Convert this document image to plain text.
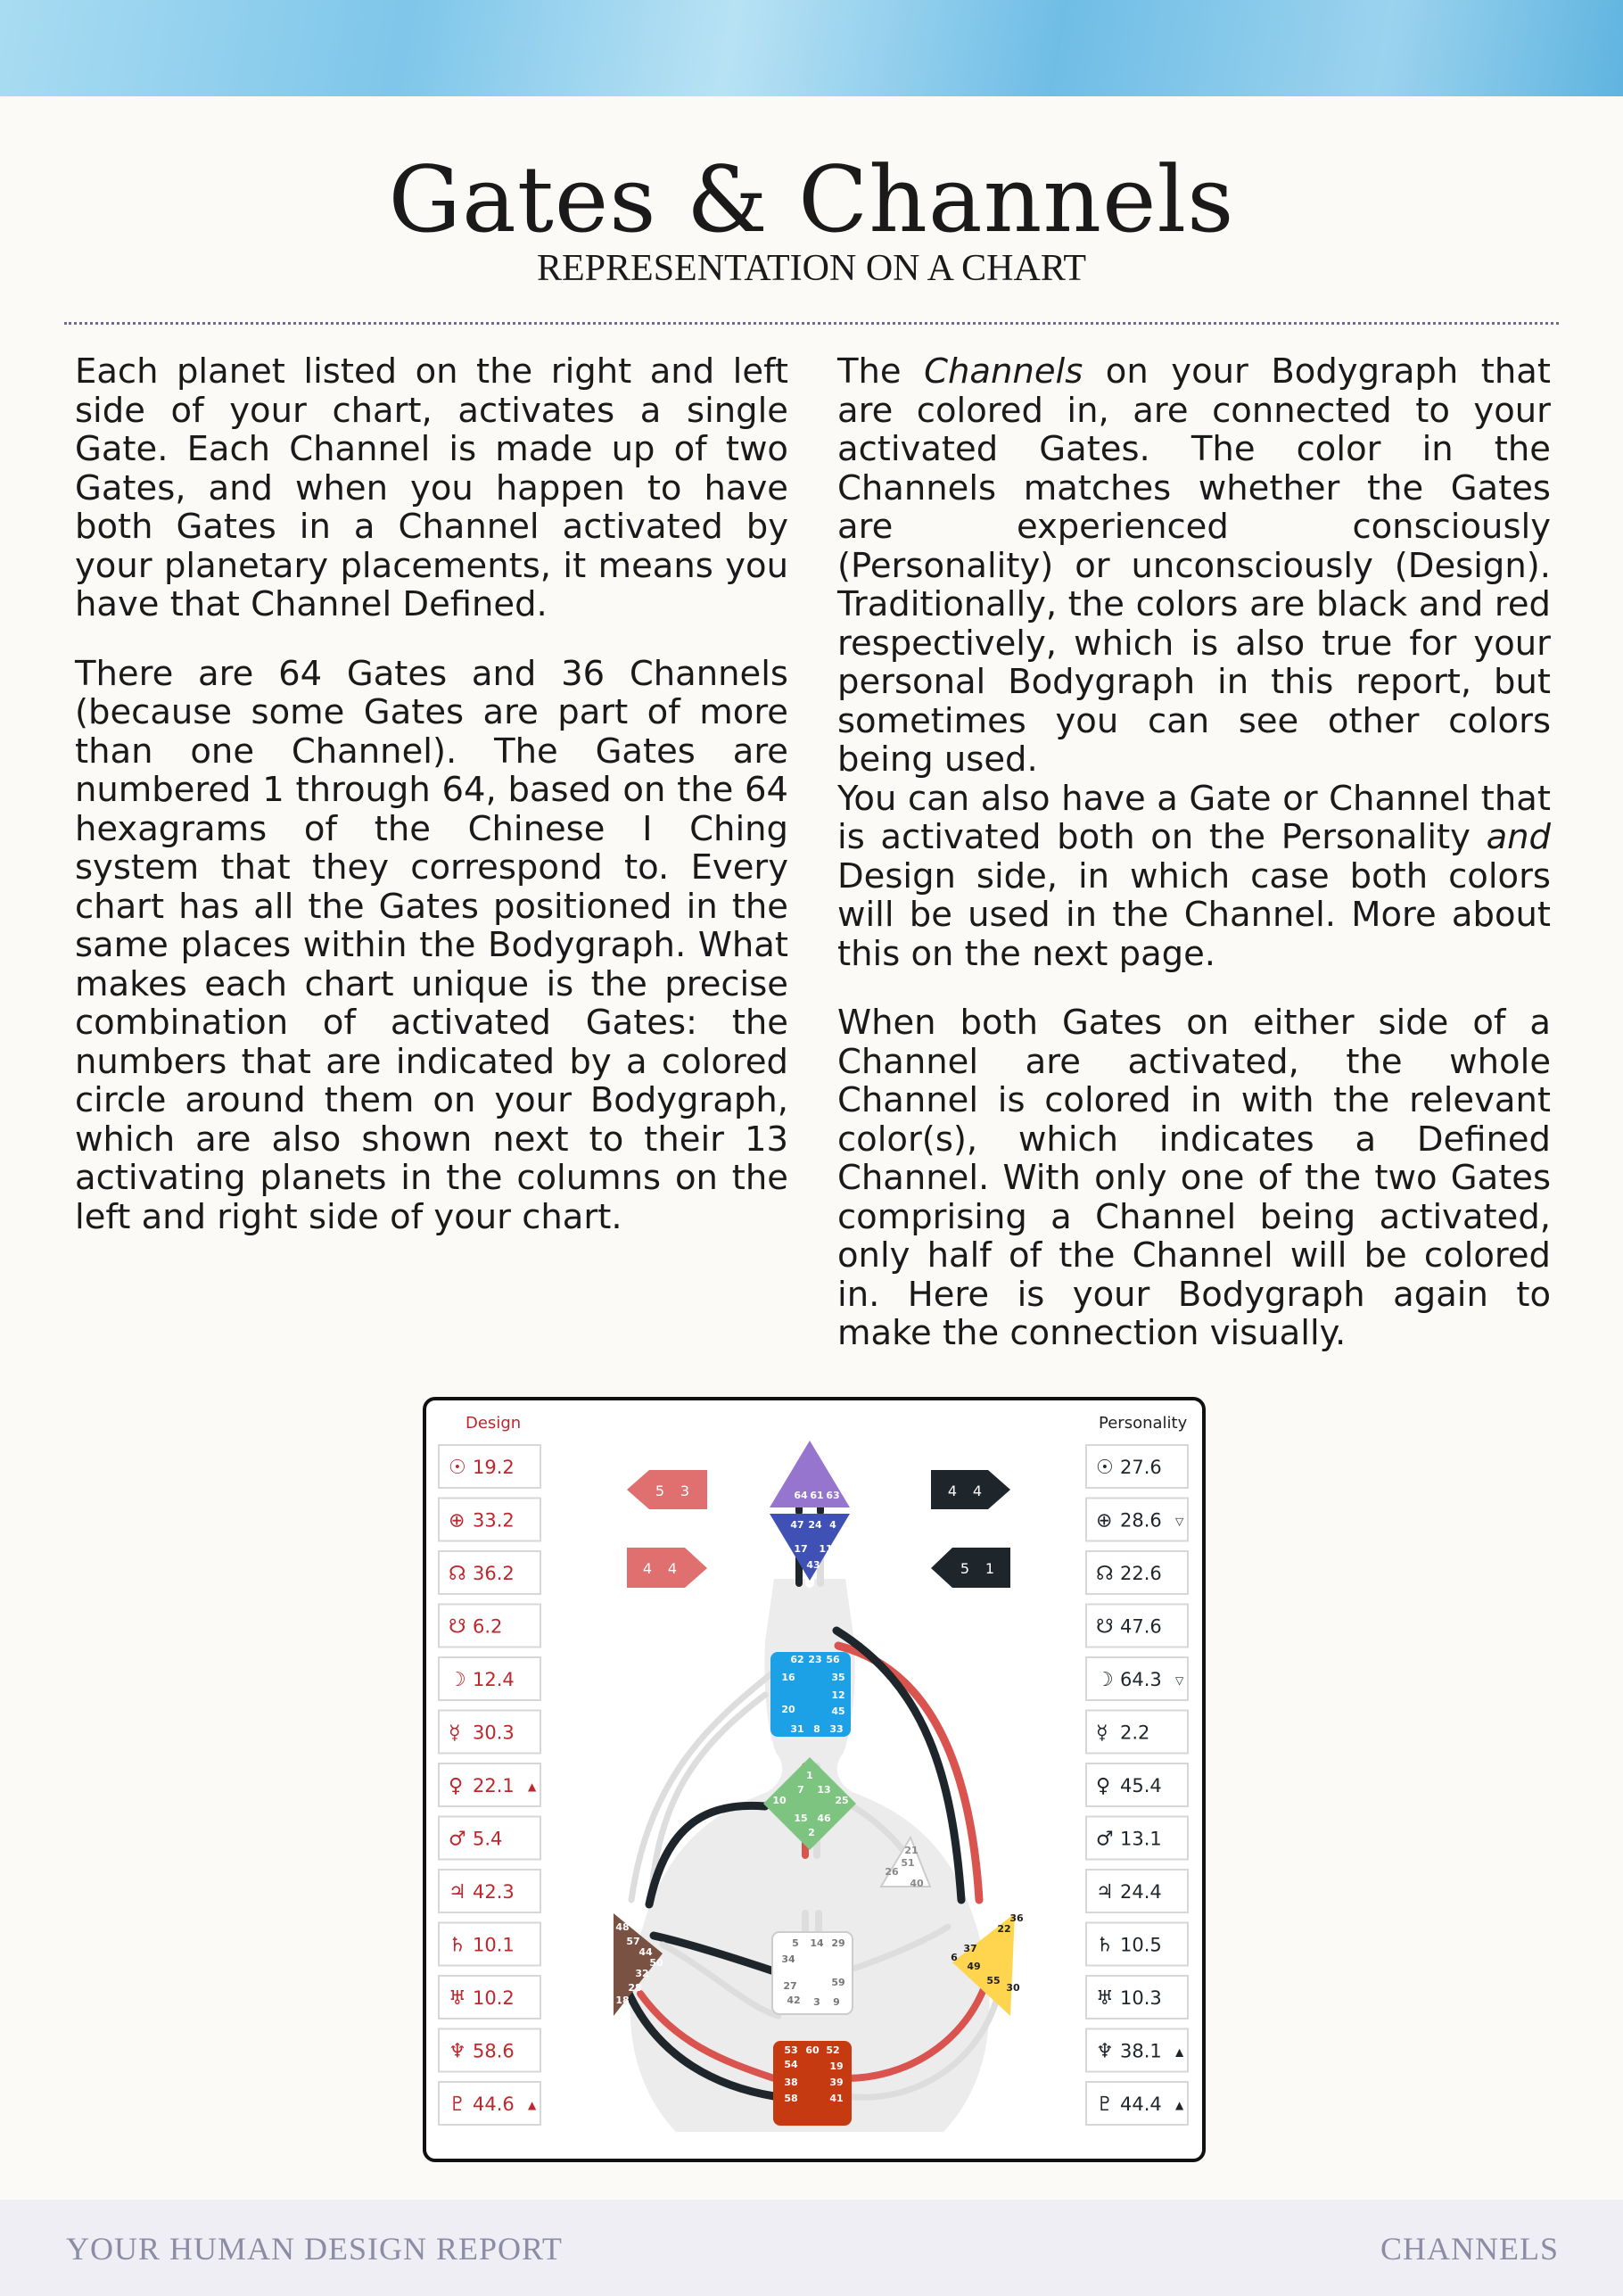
Gates & Channels
REPRESENTATION ON A CHART

Each planet listed on the right and left side of your chart, activates a single Gate. Each Channel is made up of two Gates, and when you happen to have both Gates in a Channel activated by your planetary placements, it means you have that Channel Defined.

There are 64 Gates and 36 Channels (because some Gates are part of more than one Channel). The Gates are numbered 1 through 64, based on the 64 hexagrams of the Chinese I Ching system that they correspond to. Every chart has all the Gates positioned in the same places within the Bodygraph. What makes each chart unique is the precise combination of activated Gates: the numbers that are indicated by a colored circle around them on your Bodygraph, which are also shown next to their 13 activating planets in the columns on the left and right side of your chart.

The Channels on your Bodygraph that are colored in, are connected to your activated Gates. The color in the Channels matches whether the Gates are experienced consciously (Personality) or unconsciously (Design). Traditionally, the colors are black and red respectively, which is also true for your personal Bodygraph in this report, but sometimes you can see other colors being used.

You can also have a Gate or Channel that is activated both on the Personality and Design side, in which case both colors will be used in the Channel. More about this on the next page.

When both Gates on either side of a Channel are activated, the whole Channel is colored in with the relevant color(s), which indicates a Defined Channel. With only one of the two Gates comprising a Channel being activated, only half of the Channel will be colored in. Here is your Bodygraph again to make the connection visually.

Design	Personality
☉ 19.2
⊕ 33.2
☊ 36.2
☋ 6.2
☽ 12.4
☿ 30.3
♀ 22.1 ▲
♂ 5.4
♃ 42.3
♄ 10.1
♅ 10.2
♆ 58.6
♇ 44.6 ▲
☉ 27.6
⊕ 28.6 ▽
☊ 22.6
☋ 47.6
☽ 64.3 ▽
☿ 2.2
♀ 45.4
♂ 13.1
♃ 24.4
♄ 10.5
♅ 10.3
♆ 38.1 ▲
♇ 44.4 ▲
5 3
4 4
4 4
5 1
64 61 63
47 24 4
17 11
43
62 23 56
16	35
12
20	45
31 8 33
1
7 13
10	25
15 46
2
21
51
26
40
48
57
44
50
32
28
18
5 14 29
34
59
27
42 3 9
36
22
37
6
49
55
30
53 60 52
54	19
38	39
58	41
YOUR HUMAN DESIGN REPORT	CHANNELS
